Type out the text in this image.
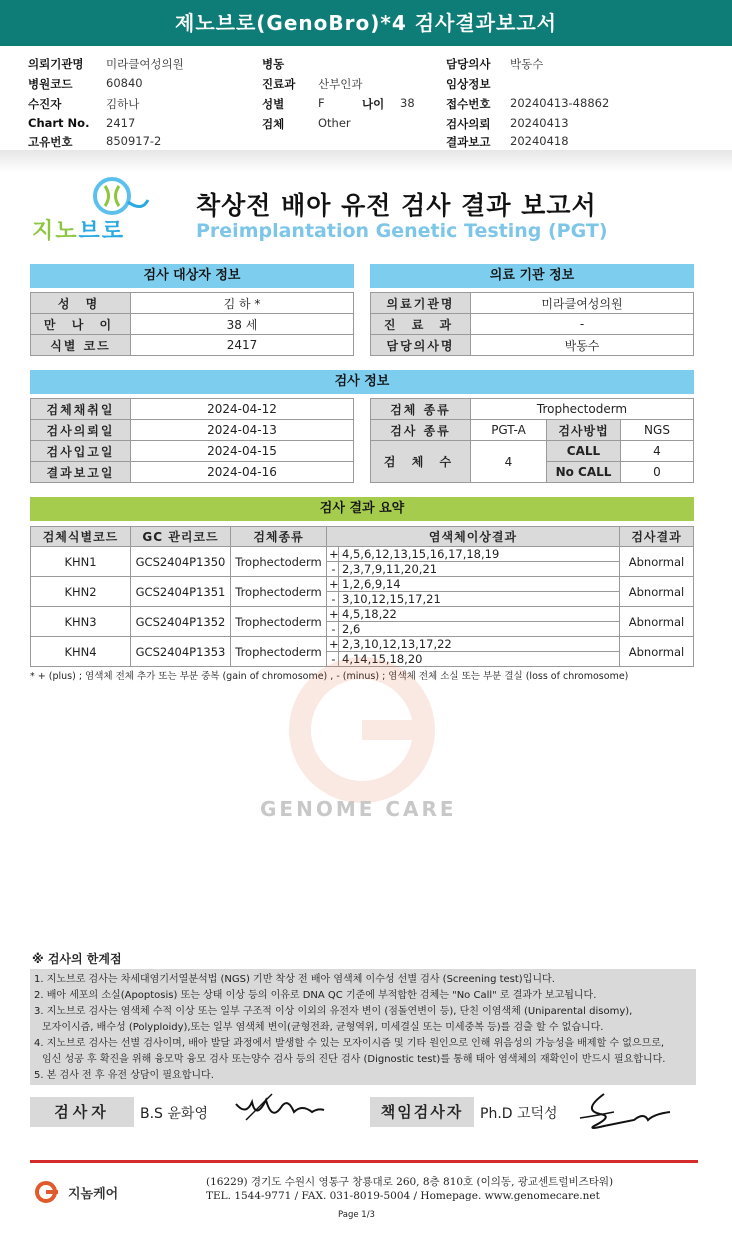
제노브로(GenoBro)*4 검사결과보고서
의뢰기관명 미라클여성의원
병원코드	60840
수진자	김하나
Chart No. 2417
고유번호	850917-2
병동
진료과 산부인과
성별	F	나이 38
검체	Other
담당의사 박동수
임상정보
접수번호 20240413-48862
검사의뢰 20240413
결과보고 20240418
지노브로
착상전 배아 유전 검사 결과 보고서
Preimplantation Genetic Testing (PGT)
검사 대상자 정보
성 명	김 하 *
만 나 이	38 세
식별 코드	2417
의료 기관 정보
의료기관명	미라클여성의원
진 료 과	-
담당의사명	박동수
검사 정보
검체채취일	2024-04-12
검사의뢰일	2024-04-13
검사입고일	2024-04-15
결과보고일	2024-04-16
검체 종류	Trophectoderm		
검사 종류	PGT-A	검사방법	NGS
검 체 수	4	CALL	4
		No CALL	0
검사 결과 요약
검체식별코드	GC 관리코드	검체종류	염색체이상결과	검사결과
KHN1	GCS2404P1350	Trophectoderm	+ 4,5,6,12,13,15,16,17,18,19	Abnormal
			- 2,3,7,9,11,20,21	
KHN2	GCS2404P1351	Trophectoderm	+ 1,2,6,9,14	Abnormal
			- 3,10,12,15,17,21	
KHN3	GCS2404P1352	Trophectoderm	+ 4,5,18,22	Abnormal
			- 2,6	
KHN4	GCS2404P1353	Trophectoderm	+ 2,3,10,12,13,17,22	Abnormal
			- 4,14,15,18,20	
* + (plus) ; 염색체 전체 추가 또는 부분 중복 (gain of chromosome) , - (minus) ; 염색체 전체 소실 또는 부분 결실 (loss of chromosome)
GENOME CARE
※ 검사의 한계점
1. 지노브로 검사는 차세대염기서열분석법 (NGS) 기반 착상 전 배아 염색체 이수성 선별 검사 (Screening test)입니다.
2. 배아 세포의 소실(Apoptosis) 또는 상태 이상 등의 이유로 DNA QC 기준에 부적합한 검체는 "No Call" 로 결과가 보고됩니다.
3. 지노브로 검사는 염색체 수적 이상 또는 일부 구조적 이상 이외의 유전자 변이 (점돌연변이 등), 단친 이염색체 (Uniparental disomy),
모자이시즘, 배수성 (Polyploidy),또는 일부 염색체 변이(균형전좌, 균형역위, 미세결실 또는 미세중복 등)를 검출 할 수 없습니다.
4. 지노브로 검사는 선별 검사이며, 배아 발달 과정에서 발생할 수 있는 모자이시즘 및 기타 원인으로 인해 위음성의 가능성을 배제할 수 없으므로,
임신 성공 후 확진을 위해 융모막 융모 검사 또는양수 검사 등의 진단 검사 (Dignostic test)를 통해 태아 염색체의 재확인이 반드시 필요합니다.
5. 본 검사 전 후 유전 상담이 필요합니다.
검사자	B.S 윤화영	책임검사자	Ph.D 고덕성
지놈케어
(16229) 경기도 수원시 영통구 창룡대로 260, 8층 810호 (이의동, 광교센트럴비즈타워)
TEL. 1544-9771 / FAX. 031-8019-5004 / Homepage. www.genomecare.net
Page 1/3
